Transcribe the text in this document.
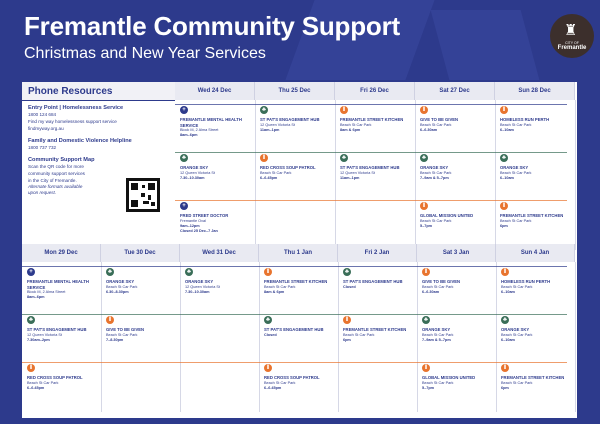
Fremantle Community Support
Christmas and New Year Services
♜
CITY OF
Fremantle
Phone Resources
Entry Point | Homelessness Service
1800 124 684
Find my way homelessness support service
findmyway.org.au
Family and Domestic Violence Helpline
1800 737 732
Community Support Map
Scan the QR code for more
community support services
in the City of Fremantle.
Alternate formats available
upon request.
Wed 24 Dec
+
FREMANTLE MENTAL HEALTH SERVICE
Block M, 2 Alma Street
8am–6pm
♣
ORANGE SKY
12 Queen Victoria St
7.30–10.30am
+
FRED STREET DOCTOR
Fremantle Oval
9am–12pm
Closed 25 Dec–7 Jan
Thu 25 Dec
♣
ST PAT'S ENGAGEMENT HUB
12 Queen Victoria St
11am–1pm
ǁ
RED CROSS SOUP PATROL
Beach St Car Park
6–6.45pm
Fri 26 Dec
ǁ
FREMANTLE STREET KITCHEN
Beach St Car Park
8am & 6pm
♣
ST PAT'S ENGAGEMENT HUB
12 Queen Victoria St
11am–1pm
Sat 27 Dec
ǁ
GIVE TO BE GIVEN
Beach St Car Park
6–6.30am
♣
ORANGE SKY
Beach St Car Park
7–9am & 5–7pm
ǁ
GLOBAL MISSION UNITED
Beach St Car Park
5–7pm
Sun 28 Dec
ǁ
HOMELESS RUN PERTH
Beach St Car Park
6–10am
♣
ORANGE SKY
Beach St Car Park
6–10am
ǁ
FREMANTLE STREET KITCHEN
Beach St Car Park
6pm
Mon 29 Dec
+
FREMANTLE MENTAL HEALTH SERVICE
Block M, 2 Alma Street
8am–6pm
♣
ST PAT'S ENGAGEMENT HUB
12 Queen Victoria St
7.30am–2pm
ǁ
RED CROSS SOUP PATROL
Beach St Car Park
6–6.45pm
Tue 30 Dec
♣
ORANGE SKY
Beach St Car Park
6.30–8.30pm
ǁ
GIVE TO BE GIVEN
Beach St Car Park
7–8.30pm
Wed 31 Dec
♣
ORANGE SKY
12 Queen Victoria St
7.30–10.30am
Thu 1 Jan
ǁ
FREMANTLE STREET KITCHEN
Beach St Car Park
8am & 6pm
♣
ST PAT'S ENGAGEMENT HUB
Closed
ǁ
RED CROSS SOUP PATROL
Beach St Car Park
6–6.45pm
Fri 2 Jan
♣
ST PAT'S ENGAGEMENT HUB
Closed
ǁ
FREMANTLE STREET KITCHEN
Beach St Car Park
6pm
Sat 3 Jan
ǁ
GIVE TO BE GIVEN
Beach St Car Park
6–6.30am
♣
ORANGE SKY
Beach St Car Park
7–9am & 5–7pm
ǁ
GLOBAL MISSION UNITED
Beach St Car Park
5–7pm
Sun 4 Jan
ǁ
HOMELESS RUN PERTH
Beach St Car Park
6–10am
♣
ORANGE SKY
Beach St Car Park
6–10am
ǁ
FREMANTLE STREET KITCHEN
Beach St Car Park
6pm
